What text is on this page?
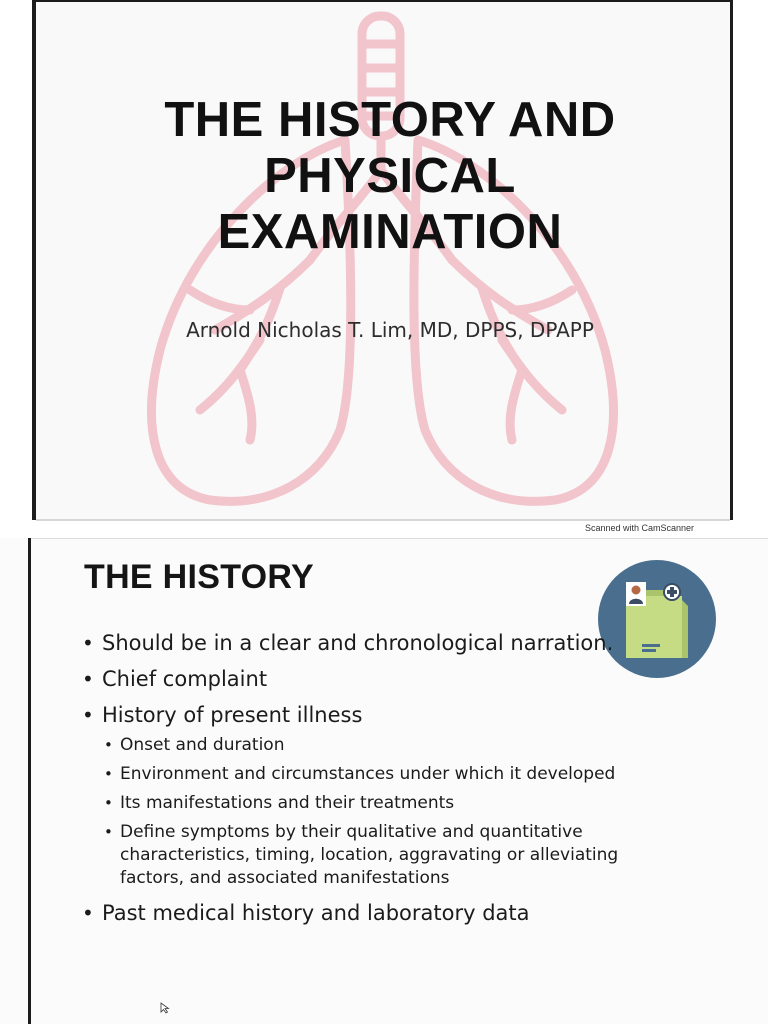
THE HISTORY AND
PHYSICAL
EXAMINATION
Arnold Nicholas T. Lim, MD, DPPS, DPAPP
Scanned with CamScanner
THE HISTORY
• Should be in a clear and chronological narration.
• Chief complaint
• History of present illness
• Onset and duration
• Environment and circumstances under which it developed
• Its manifestations and their treatments
• Define symptoms by their qualitative and quantitative characteristics, timing, location, aggravating or alleviating factors, and associated manifestations
• Past medical history and laboratory data
